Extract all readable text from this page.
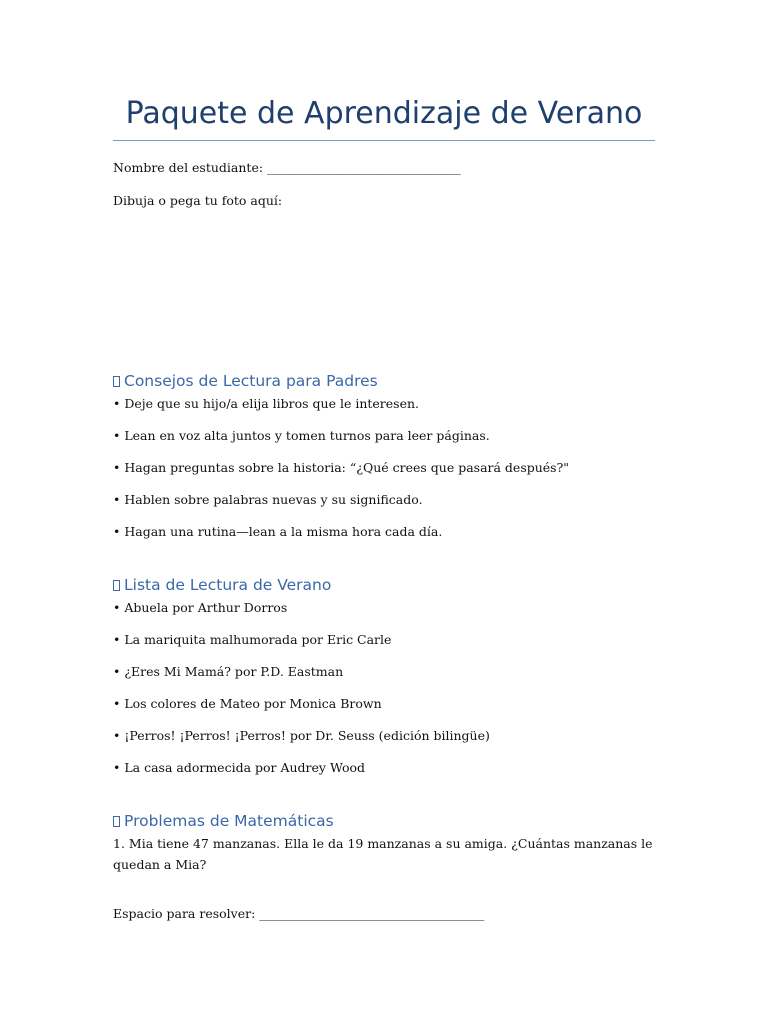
Paquete de Aprendizaje de Verano
Nombre del estudiante: _______________________________
Dibuja o pega tu foto aquí:
Consejos de Lectura para Padres
• Deje que su hijo/a elija libros que le interesen.
• Lean en voz alta juntos y tomen turnos para leer páginas.
• Hagan preguntas sobre la historia: “¿Qué crees que pasará después?"
• Hablen sobre palabras nuevas y su significado.
• Hagan una rutina—lean a la misma hora cada día.
Lista de Lectura de Verano
• Abuela por Arthur Dorros
• La mariquita malhumorada por Eric Carle
• ¿Eres Mi Mamá? por P.D. Eastman
• Los colores de Mateo por Monica Brown
• ¡Perros! ¡Perros! ¡Perros! por Dr. Seuss (edición bilingüe)
• La casa adormecida por Audrey Wood
Problemas de Matemáticas
1. Mia tiene 47 manzanas. Ella le da 19 manzanas a su amiga. ¿Cuántas manzanas le quedan a Mia?
Espacio para resolver: ____________________________________
